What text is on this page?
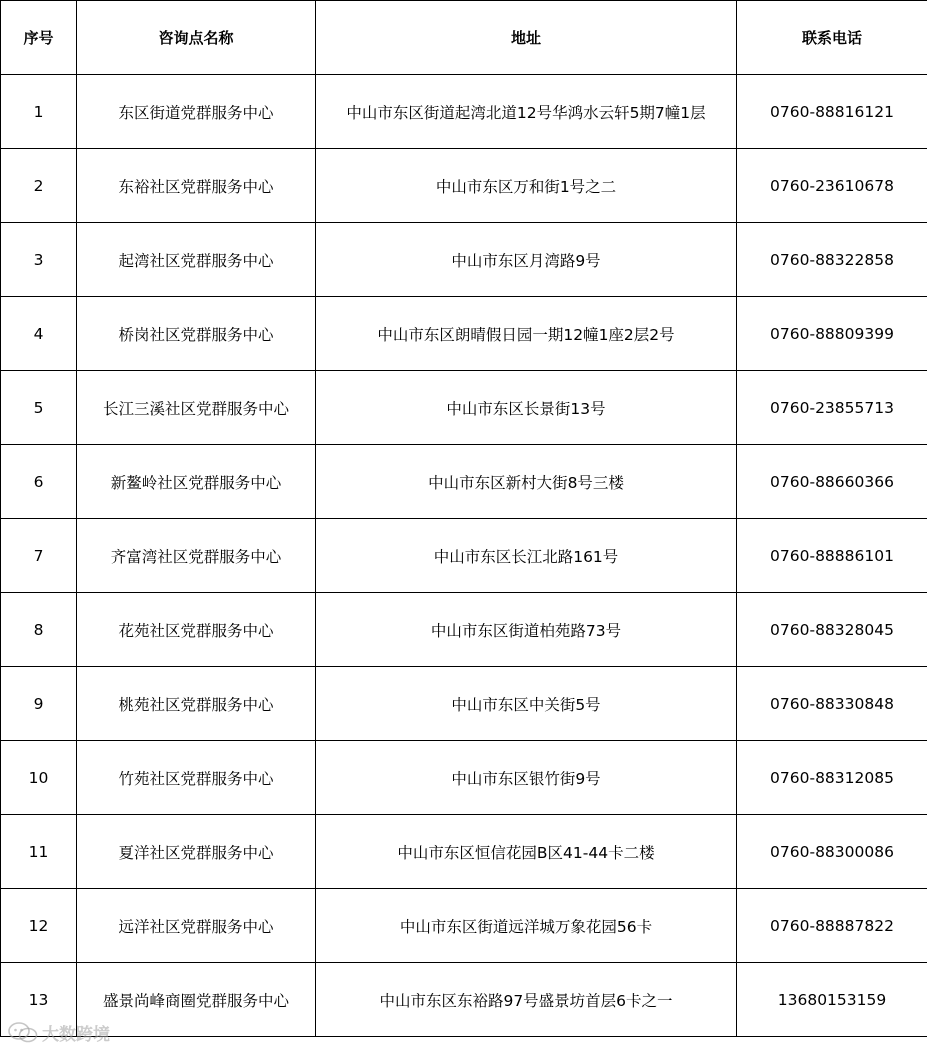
序号	咨询点名称	地址	联系电话
1	东区街道党群服务中心	中山市东区街道起湾北道12号华鸿水云轩5期7幢1层	0760-88816121
2	东裕社区党群服务中心	中山市东区万和街1号之二	0760-23610678
3	起湾社区党群服务中心	中山市东区月湾路9号	0760-88322858
4	桥岗社区党群服务中心	中山市东区朗晴假日园一期12幢1座2层2号	0760-88809399
5	长江三溪社区党群服务中心	中山市东区长景街13号	0760-23855713
6	新鳌岭社区党群服务中心	中山市东区新村大街8号三楼	0760-88660366
7	齐富湾社区党群服务中心	中山市东区长江北路161号	0760-88886101
8	花苑社区党群服务中心	中山市东区街道柏苑路73号	0760-88328045
9	桃苑社区党群服务中心	中山市东区中关街5号	0760-88330848
10	竹苑社区党群服务中心	中山市东区银竹街9号	0760-88312085
11	夏洋社区党群服务中心	中山市东区恒信花园B区41-44卡二楼	0760-88300086
12	远洋社区党群服务中心	中山市东区街道远洋城万象花园56卡	0760-88887822
13	盛景尚峰商圈党群服务中心	中山市东区东裕路97号盛景坊首层6卡之一	13680153159
大数跨境
